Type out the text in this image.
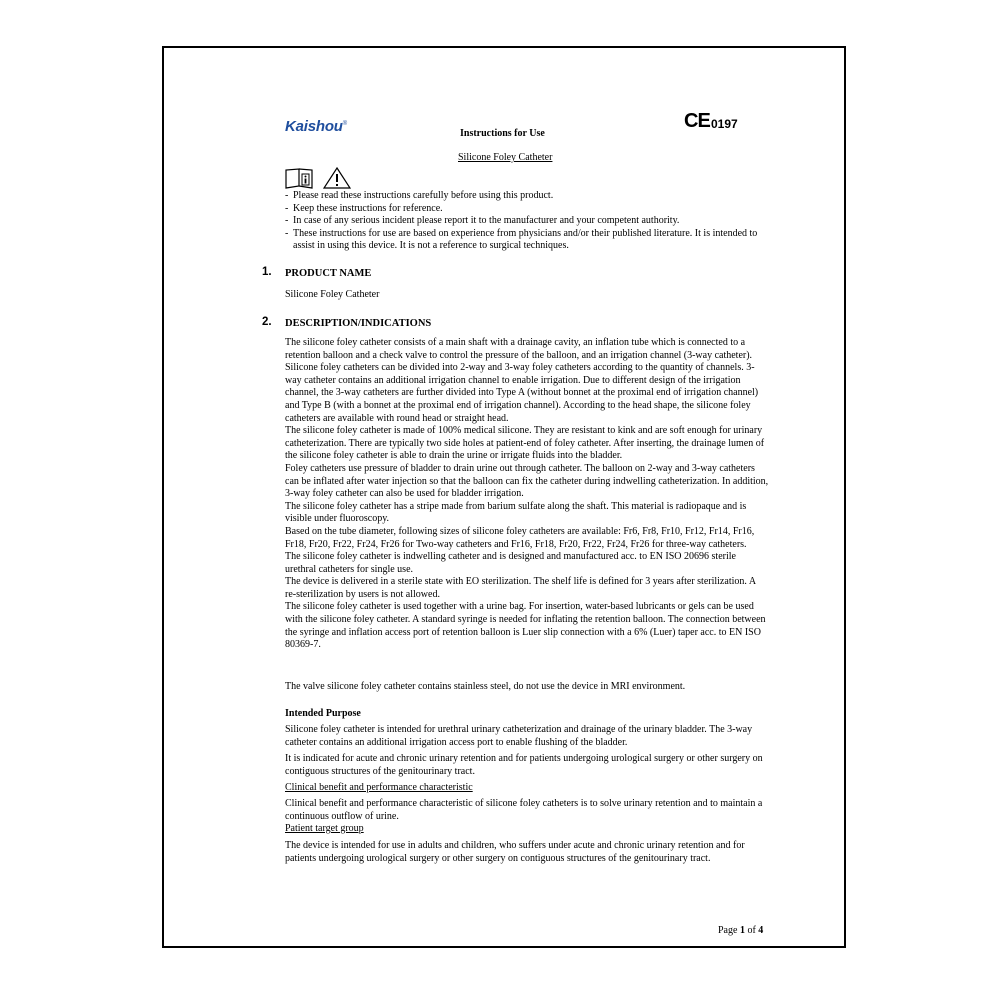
Kaishou®
Instructions for Use
CE 0197
Silicone Foley Catheter

- Please read these instructions carefully before using this product.
- Keep these instructions for reference.
- In case of any serious incident please report it to the manufacturer and your competent authority.
- These instructions for use are based on experience from physicians and/or their published literature. It is intended to assist in using this device. It is not a reference to surgical techniques.
1. PRODUCT NAME
Silicone Foley Catheter
2. DESCRIPTION/INDICATIONS

The silicone foley catheter consists of a main shaft with a drainage cavity, an inflation tube which is connected to a retention balloon and a check valve to control the pressure of the balloon, and an irrigation channel (3-way catheter).

Silicone foley catheters can be divided into 2-way and 3-way foley catheters according to the quantity of channels. 3-way catheter contains an additional irrigation channel to enable irrigation. Due to different design of the irrigation channel, the 3-way catheters are further divided into Type A (without bonnet at the proximal end of irrigation channel) and Type B (with a bonnet at the proximal end of irrigation channel). According to the head shape, the silicone foley catheters are available with round head or straight head.

The silicone foley catheter is made of 100% medical silicone. They are resistant to kink and are soft enough for urinary catheterization. There are typically two side holes at patient-end of foley catheter. After inserting, the drainage lumen of the silicone foley catheter is able to drain the urine or irrigate fluids into the bladder.

Foley catheters use pressure of bladder to drain urine out through catheter. The balloon on 2-way and 3-way catheters can be inflated after water injection so that the balloon can fix the catheter during indwelling catheterization. In addition, 3-way foley catheter can also be used for bladder irrigation.

The silicone foley catheter has a stripe made from barium sulfate along the shaft. This material is radiopaque and is visible under fluoroscopy.

Based on the tube diameter, following sizes of silicone foley catheters are available: Fr6, Fr8, Fr10, Fr12, Fr14, Fr16, Fr18, Fr20, Fr22, Fr24, Fr26 for Two-way catheters and Fr16, Fr18, Fr20, Fr22, Fr24, Fr26 for three-way catheters.

The silicone foley catheter is indwelling catheter and is designed and manufactured acc. to EN ISO 20696 sterile urethral catheters for single use.

The device is delivered in a sterile state with EO sterilization. The shelf life is defined for 3 years after sterilization. A re-sterilization by users is not allowed.

The silicone foley catheter is used together with a urine bag. For insertion, water-based lubricants or gels can be used with the silicone foley catheter. A standard syringe is needed for inflating the retention balloon. The connection between the syringe and inflation access port of retention balloon is Luer slip connection with a 6% (Luer) taper acc. to EN ISO 80369-7.

The valve silicone foley catheter contains stainless steel, do not use the device in MRI environment.

Intended Purpose

Silicone foley catheter is intended for urethral urinary catheterization and drainage of the urinary bladder. The 3-way catheter contains an additional irrigation access port to enable flushing of the bladder.

It is indicated for acute and chronic urinary retention and for patients undergoing urological surgery or other surgery on contiguous structures of the genitourinary tract.

Clinical benefit and performance characteristic

Clinical benefit and performance characteristic of silicone foley catheters is to solve urinary retention and to maintain a continuous outflow of urine.

Patient target group

The device is intended for use in adults and children, who suffers under acute and chronic urinary retention and for patients undergoing urological surgery or other surgery on contiguous structures of the genitourinary tract.

Page 1 of 4
